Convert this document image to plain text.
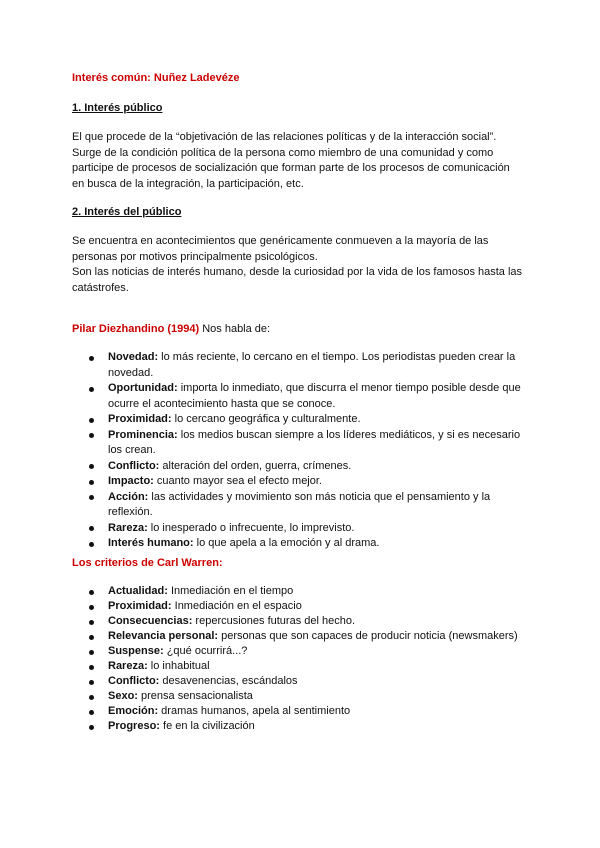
Interés común: Nuñez Ladevéze
1. Interés público

El que procede de la “objetivación de las relaciones políticas y de la interacción social”.

Surge de la condición política de la persona como miembro de una comunidad y como

participe de procesos de socialización que forman parte de los procesos de comunicación

en busca de la integración, la participación, etc.

2. Interés del público

Se encuentra en acontecimientos que genéricamente conmueven a la mayoría de las

personas por motivos principalmente psicológicos.

Son las noticias de interés humano, desde la curiosidad por la vida de los famosos hasta las

catástrofes.

Pilar Diezhandino (1994) Nos habla de:
Novedad: lo más reciente, lo cercano en el tiempo. Los periodistas pueden crear la
novedad.
Oportunidad: importa lo inmediato, que discurra el menor tiempo posible desde que
ocurre el acontecimiento hasta que se conoce.
Proximidad: lo cercano geográfica y culturalmente.
Prominencia: los medios buscan siempre a los líderes mediáticos, y si es necesario
los crean.
Conflicto: alteración del orden, guerra, crímenes.
Impacto: cuanto mayor sea el efecto mejor.
Acción: las actividades y movimiento son más noticia que el pensamiento y la
reflexión.
Rareza: lo inesperado o infrecuente, lo imprevisto.
Interés humano: lo que apela a la emoción y al drama.
Los criterios de Carl Warren:
Actualidad: Inmediación en el tiempo
Proximidad: Inmediación en el espacio
Consecuencias: repercusiones futuras del hecho.
Relevancia personal: personas que son capaces de producir noticia (newsmakers)
Suspense: ¿qué ocurrirá...?
Rareza: lo inhabitual
Conflicto: desavenencias, escándalos
Sexo: prensa sensacionalista
Emoción: dramas humanos, apela al sentimiento
Progreso: fe en la civilización
